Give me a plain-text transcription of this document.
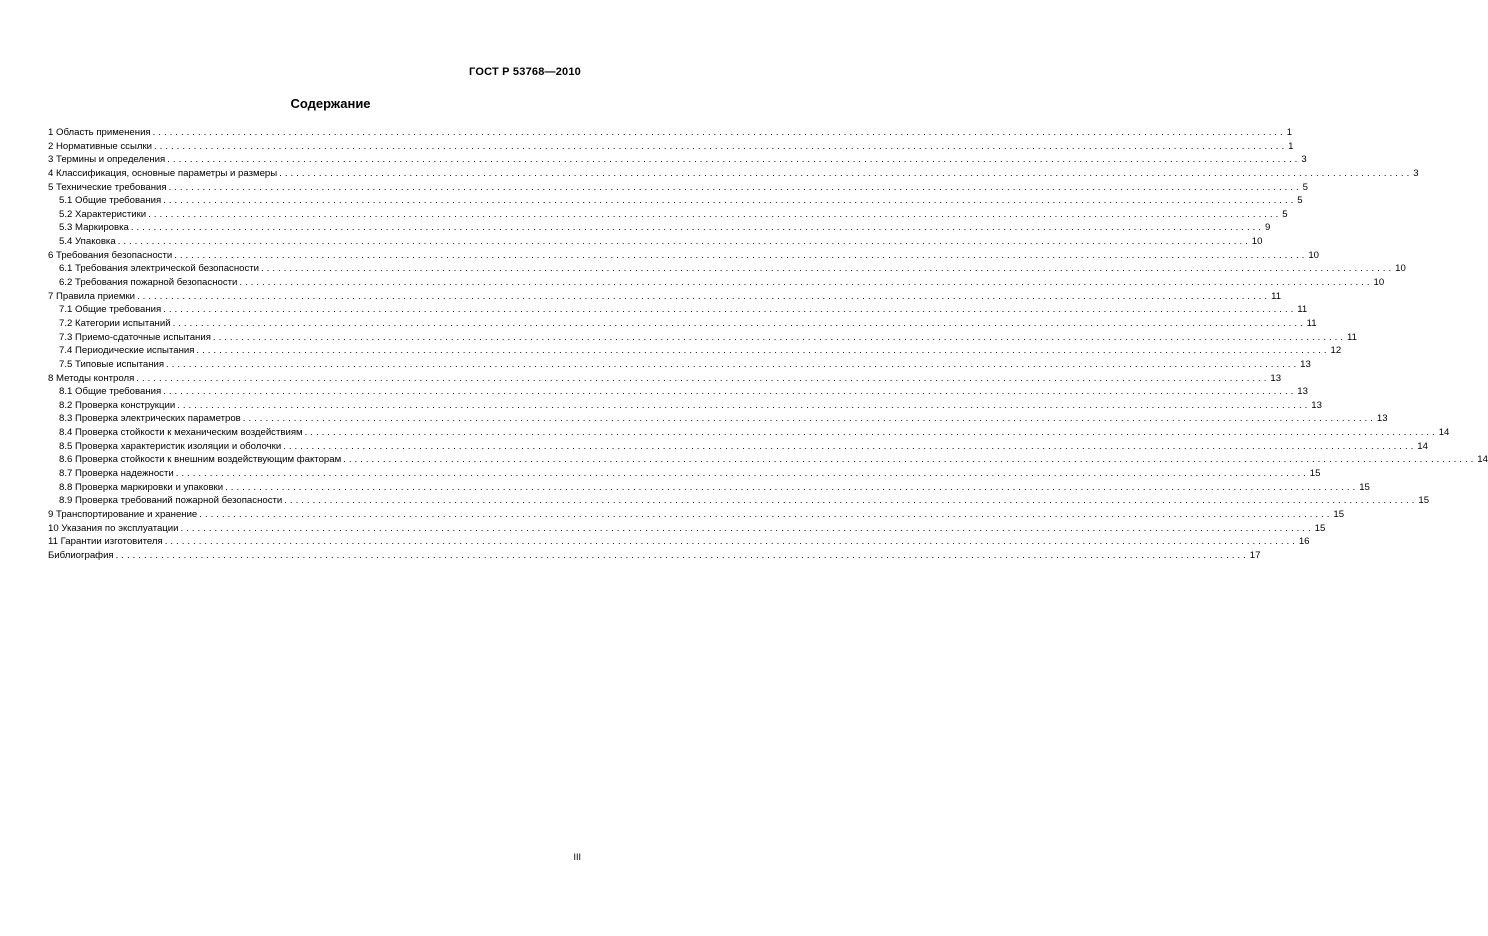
ГОСТ Р 53768—2010
Содержание
1 Область применения ........................................................................................................................................................................................................ 1
2 Нормативные ссылки ........................................................................................................................................................................................................ 1
3 Термины и определения ........................................................................................................................................................................................................ 3
4 Классификация, основные параметры и размеры ........................................................................................................................................................................................................ 3
5 Технические требования ........................................................................................................................................................................................................ 5
5.1 Общие требования ........................................................................................................................................................................................................ 5
5.2 Характеристики ........................................................................................................................................................................................................ 5
5.3 Маркировка ........................................................................................................................................................................................................ 9
5.4 Упаковка ........................................................................................................................................................................................................ 10
6 Требования безопасности ........................................................................................................................................................................................................ 10
6.1 Требования электрической безопасности ........................................................................................................................................................................................................ 10
6.2 Требования пожарной безопасности ........................................................................................................................................................................................................ 10
7 Правила приемки ........................................................................................................................................................................................................ 11
7.1 Общие требования ........................................................................................................................................................................................................ 11
7.2 Категории испытаний ........................................................................................................................................................................................................ 11
7.3 Приемо-сдаточные испытания ........................................................................................................................................................................................................ 11
7.4 Периодические испытания ........................................................................................................................................................................................................ 12
7.5 Типовые испытания ........................................................................................................................................................................................................ 13
8 Методы контроля ........................................................................................................................................................................................................ 13
8.1 Общие требования ........................................................................................................................................................................................................ 13
8.2 Проверка конструкции ........................................................................................................................................................................................................ 13
8.3 Проверка электрических параметров ........................................................................................................................................................................................................ 13
8.4 Проверка стойкости к механическим воздействиям ........................................................................................................................................................................................................ 14
8.5 Проверка характеристик изоляции и оболочки ........................................................................................................................................................................................................ 14
8.6 Проверка стойкости к внешним воздействующим факторам ........................................................................................................................................................................................................ 14
8.7 Проверка надежности ........................................................................................................................................................................................................ 15
8.8 Проверка маркировки и упаковки ........................................................................................................................................................................................................ 15
8.9 Проверка требований пожарной безопасности ........................................................................................................................................................................................................ 15
9 Транспортирование и хранение ........................................................................................................................................................................................................ 15
10 Указания по эксплуатации ........................................................................................................................................................................................................ 15
11 Гарантии изготовителя ........................................................................................................................................................................................................ 16
Библиография ........................................................................................................................................................................................................ 17
III
